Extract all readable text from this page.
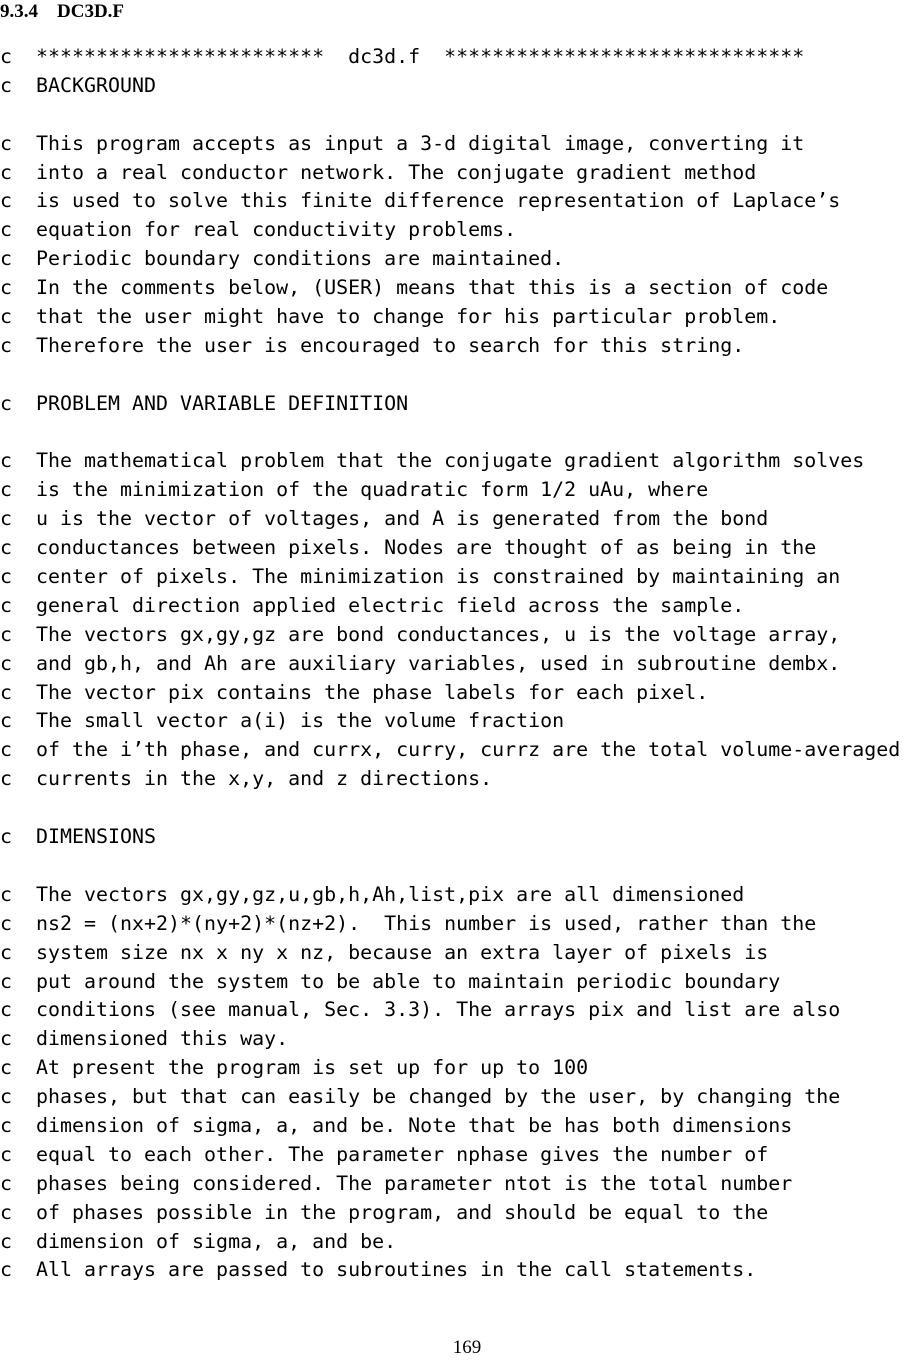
9.3.4 DC3D.F
c  ************************  dc3d.f  ******************************
c  BACKGROUND
c  This program accepts as input a 3-d digital image, converting it
c  into a real conductor network. The conjugate gradient method
c  is used to solve this finite difference representation of Laplace’s
c  equation for real conductivity problems.
c  Periodic boundary conditions are maintained.
c  In the comments below, (USER) means that this is a section of code
c  that the user might have to change for his particular problem.
c  Therefore the user is encouraged to search for this string.
c  PROBLEM AND VARIABLE DEFINITION
c  The mathematical problem that the conjugate gradient algorithm solves
c  is the minimization of the quadratic form 1/2 uAu, where
c  u is the vector of voltages, and A is generated from the bond
c  conductances between pixels. Nodes are thought of as being in the
c  center of pixels. The minimization is constrained by maintaining an
c  general direction applied electric field across the sample.
c  The vectors gx,gy,gz are bond conductances, u is the voltage array,
c  and gb,h, and Ah are auxiliary variables, used in subroutine dembx.
c  The vector pix contains the phase labels for each pixel.
c  The small vector a(i) is the volume fraction
c  of the i’th phase, and currx, curry, currz are the total volume-averaged
c  currents in the x,y, and z directions.
c  DIMENSIONS
c  The vectors gx,gy,gz,u,gb,h,Ah,list,pix are all dimensioned
c  ns2 = (nx+2)*(ny+2)*(nz+2).  This number is used, rather than the
c  system size nx x ny x nz, because an extra layer of pixels is
c  put around the system to be able to maintain periodic boundary
c  conditions (see manual, Sec. 3.3). The arrays pix and list are also
c  dimensioned this way.
c  At present the program is set up for up to 100
c  phases, but that can easily be changed by the user, by changing the
c  dimension of sigma, a, and be. Note that be has both dimensions
c  equal to each other. The parameter nphase gives the number of
c  phases being considered. The parameter ntot is the total number
c  of phases possible in the program, and should be equal to the
c  dimension of sigma, a, and be.
c  All arrays are passed to subroutines in the call statements.
169
